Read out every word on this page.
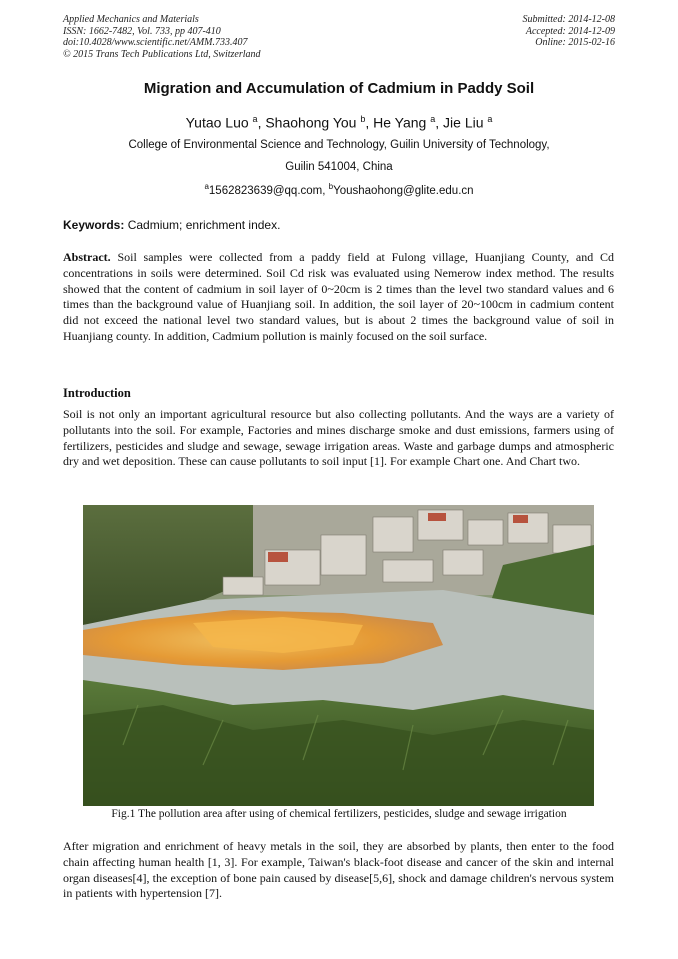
Applied Mechanics and Materials
ISSN: 1662-7482, Vol. 733, pp 407-410
doi:10.4028/www.scientific.net/AMM.733.407
© 2015 Trans Tech Publications Ltd, Switzerland
Submitted: 2014-12-08
Accepted: 2014-12-09
Online: 2015-02-16
Migration and Accumulation of Cadmium in Paddy Soil
Yutao Luo $^a$, Shaohong You $^b$, He Yang $^a$, Jie Liu $^a$
College of Environmental Science and Technology, Guilin University of Technology,
Guilin 541004, China
$^a$1562823639@qq.com, $^b$Youshaohong@glite.edu.cn
Keywords: Cadmium; enrichment index.
Abstract. Soil samples were collected from a paddy field at Fulong village, Huanjiang County, and Cd concentrations in soils were determined. Soil Cd risk was evaluated using Nemerow index method. The results showed that the content of cadmium in soil layer of 0~20cm is 2 times than the level two standard values and 6 times than the background value of Huanjiang soil. In addition, the soil layer of 20~100cm in cadmium content did not exceed the national level two standard values, but is about 2 times the background value of soil in Huanjiang county. In addition, Cadmium pollution is mainly focused on the soil surface.
Introduction
Soil is not only an important agricultural resource but also collecting pollutants. And the ways are a variety of pollutants into the soil. For example, Factories and mines discharge smoke and dust emissions, farmers using of fertilizers, pesticides and sludge and sewage, sewage irrigation areas. Waste and garbage dumps and atmospheric dry and wet deposition. These can cause pollutants to soil input [1]. For example Chart one. And Chart two.
Fig.1 The pollution area after using of chemical fertilizers, pesticides, sludge and sewage irrigation
After migration and enrichment of heavy metals in the soil, they are absorbed by plants, then enter to the food chain affecting human health [1, 3]. For example, Taiwan's black-foot disease and cancer of the skin and internal organ diseases[4], the exception of bone pain caused by disease[5,6], shock and damage children's nervous system in patients with hypertension [7].
